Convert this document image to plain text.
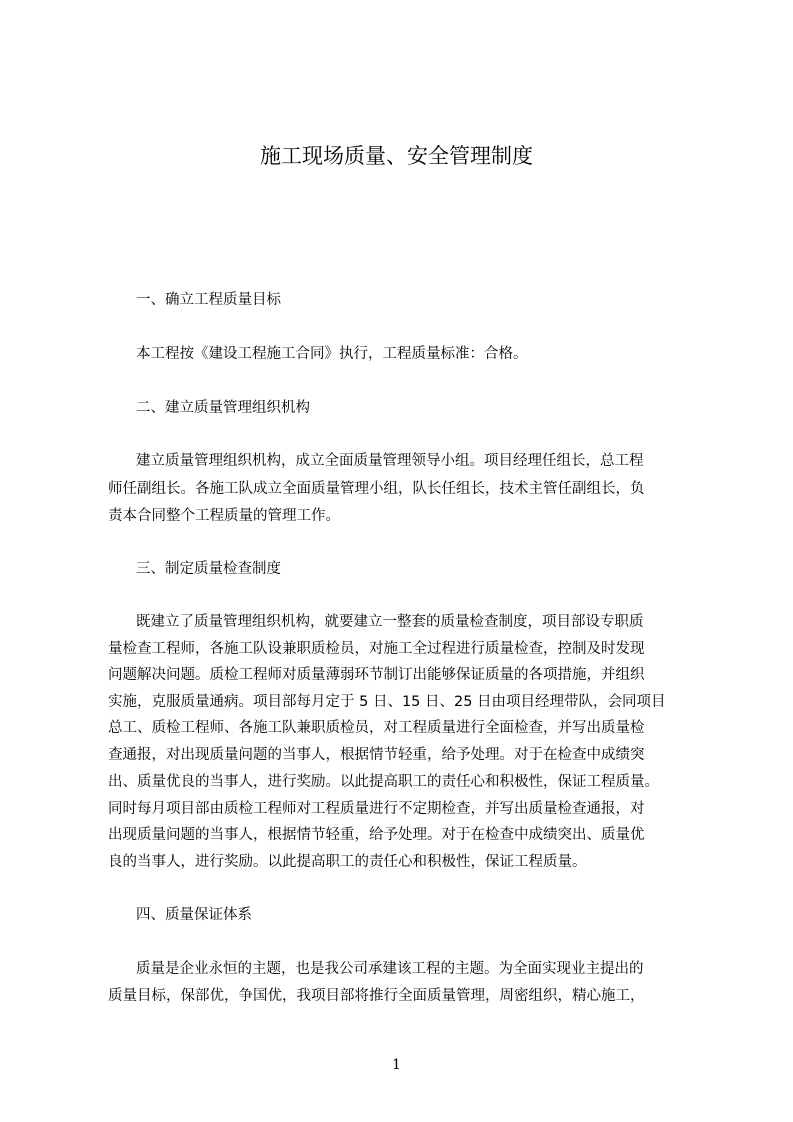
施工现场质量、安全管理制度
一、确立工程质量目标
本工程按《建设工程施工合同》执行，工程质量标准：合格。
二、建立质量管理组织机构
建立质量管理组织机构，成立全面质量管理领导小组。项目经理任组长，总工程
师任副组长。各施工队成立全面质量管理小组，队长任组长，技术主管任副组长，负
责本合同整个工程质量的管理工作。
三、制定质量检查制度
既建立了质量管理组织机构，就要建立一整套的质量检查制度，项目部设专职质
量检查工程师，各施工队设兼职质检员，对施工全过程进行质量检查，控制及时发现
问题解决问题。质检工程师对质量薄弱环节制订出能够保证质量的各项措施，并组织
实施，克服质量通病。项目部每月定于 5 日、15 日、25 日由项目经理带队，会同项目
总工、质检工程师、各施工队兼职质检员，对工程质量进行全面检查，并写出质量检
查通报，对出现质量问题的当事人，根据情节轻重，给予处理。对于在检查中成绩突
出、质量优良的当事人，进行奖励。以此提高职工的责任心和积极性，保证工程质量。
同时每月项目部由质检工程师对工程质量进行不定期检查，并写出质量检查通报，对
出现质量问题的当事人，根据情节轻重，给予处理。对于在检查中成绩突出、质量优
良的当事人，进行奖励。以此提高职工的责任心和积极性，保证工程质量。
四、质量保证体系
质量是企业永恒的主题，也是我公司承建该工程的主题。为全面实现业主提出的
质量目标，保部优，争国优，我项目部将推行全面质量管理，周密组织，精心施工，
1
